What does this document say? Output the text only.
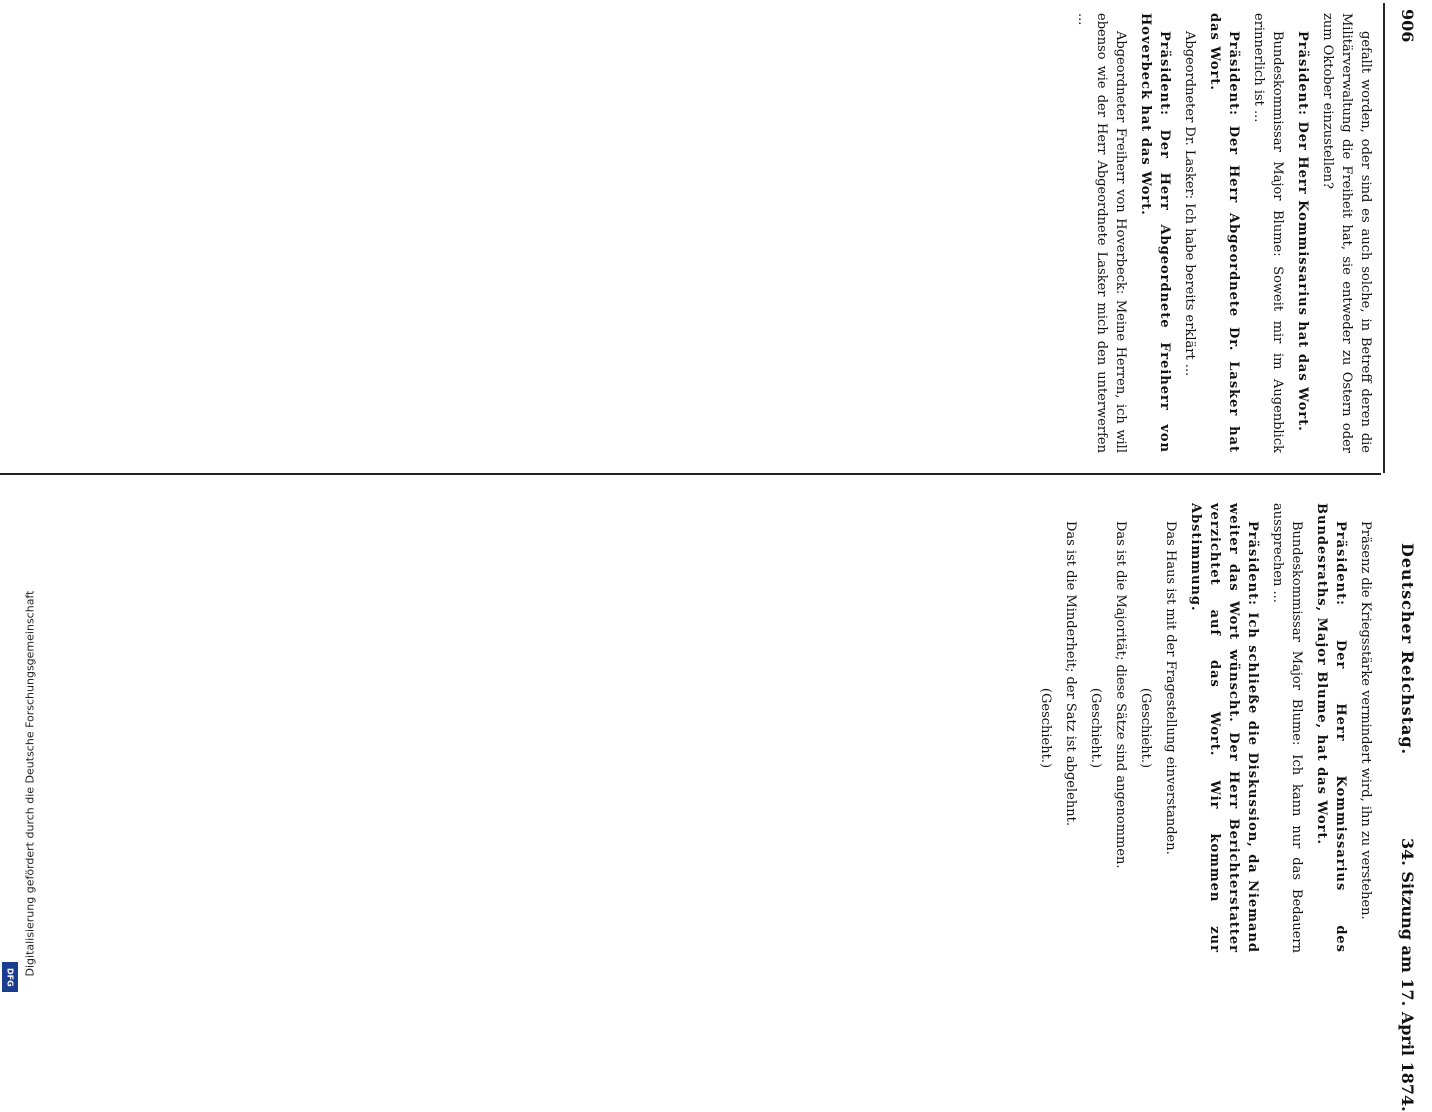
906
Deutscher Reichstag.
34. Sitzung am 17. April 1874.

gefallt worden, oder sind es auch solche, in Betreff deren die Militärverwaltung die Freiheit hat, sie entweder zu Ostern oder zum Oktober einzustellen?

Präsident: Der Herr Kommissarius hat das Wort.

Bundeskommissar Major Blume: Soweit mir im Augenblick erinnerlich ist ...

Präsident: Der Herr Abgeordnete Dr. Lasker hat das Wort.

Abgeordneter Dr. Lasker: Ich habe bereits erklärt ...

Präsident: Der Herr Abgeordnete Freiherr von Hoverbeck hat das Wort.

Abgeordneter Freiherr von Hoverbeck: Meine Herren, ich will ebenso wie der Herr Abgeordnete Lasker mich den unterwerfen ...

Präsenz die Kriegsstärke vermindert wird, ihn zu verstehen.

Präsident: Der Herr Kommissarius des Bundesraths, Major Blume, hat das Wort.

Bundeskommissar Major Blume: Ich kann nur das Bedauern aussprechen ...

Präsident: Ich schließe die Diskussion, da Niemand weiter das Wort wünscht. Der Herr Berichterstatter verzichtet auf das Wort. Wir kommen zur Abstimmung.

Das Haus ist mit der Fragestellung einverstanden.

(Geschieht.)

Das ist die Majorität; diese Sätze sind angenommen.

(Geschieht.)

Das ist die Minderheit; der Satz ist abgelehnt.

(Geschieht.)

Digitalisierung gefördert durch die Deutsche Forschungsgemeinschaft
DFG
